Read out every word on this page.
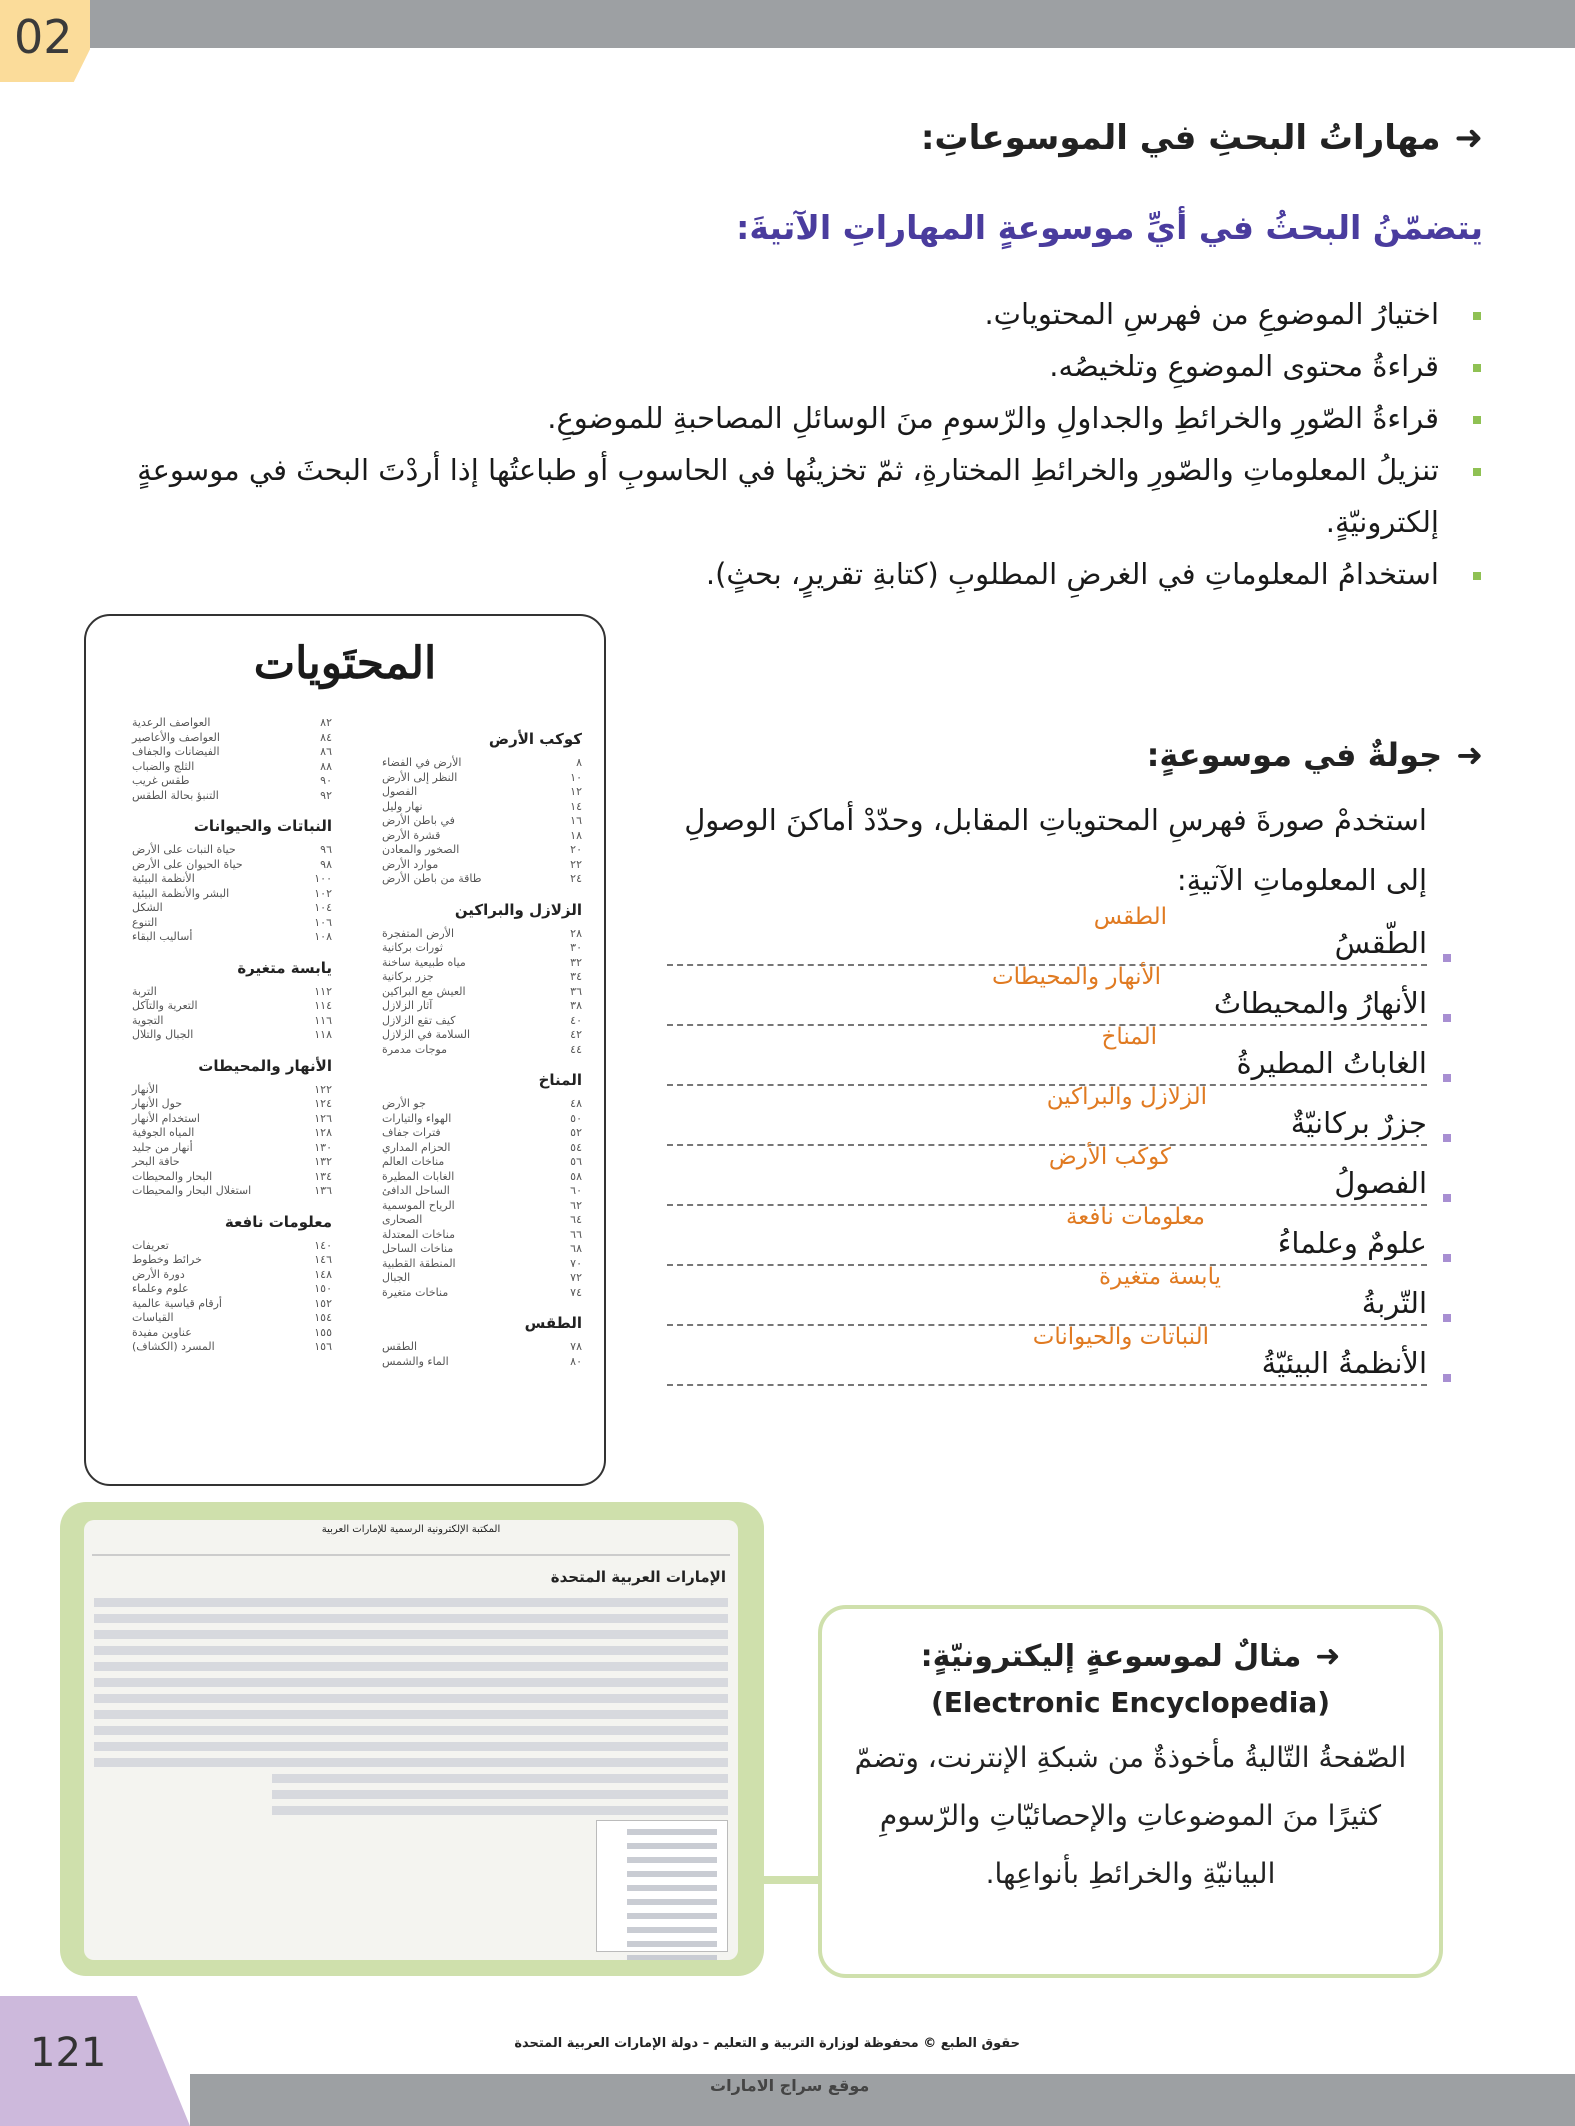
02
➜مهاراتُ البحثِ في الموسوعاتِ:
يتضمّنُ البحثُ في أيِّ موسوعةٍ المهاراتِ الآتيةَ:
اختيارُ الموضوعِ من فهرسِ المحتوياتِ.
قراءةُ محتوى الموضوعِ وتلخيصُه.
قراءةُ الصّورِ والخرائطِ والجداولِ والرّسومِ منَ الوسائلِ المصاحبةِ للموضوعِ.
تنزيلُ المعلوماتِ والصّورِ والخرائطِ المختارةِ، ثمّ تخزينُها في الحاسوبِ أو طباعتُها إذا أردْتَ البحثَ في موسوعةٍ إلكترونيّةٍ.
استخدامُ المعلوماتِ في الغرضِ المطلوبِ (كتابةِ تقريرٍ، بحثٍ).
المحتَويات
كوكب الأرض
٨
الأرض في الفضاء
١٠
النظر إلى الأرض
١٢
الفصول
١٤
نهار وليل
١٦
في باطن الأرض
١٨
قشرة الأرض
٢٠
الصخور والمعادن
٢٢
موارد الأرض
٢٤
طاقة من باطن الأرض
الزلازل والبراكين
٢٨
الأرض المتفجرة
٣٠
ثورات بركانية
٣٢
مياه طبيعية ساخنة
٣٤
جزر بركانية
٣٦
العيش مع البراكين
٣٨
آثار الزلازل
٤٠
كيف تقع الزلازل
٤٢
السلامة في الزلازل
٤٤
موجات مدمرة
المناخ
٤٨
جو الأرض
٥٠
الهواء والتيارات
٥٢
فترات جفاف
٥٤
الحزام المداري
٥٦
مناخات العالم
٥٨
الغابات المطيرة
٦٠
الساحل الدافئ
٦٢
الرياح الموسمية
٦٤
الصحارى
٦٦
مناخات المعتدلة
٦٨
مناخات الساحل
٧٠
المنطقة القطبية
٧٢
الجبال
٧٤
مناخات متغيرة
الطقس
٧٨
الطقس
٨٠
الماء والشمس
٨٢
العواصف الرعدية
٨٤
العواصف والأعاصير
٨٦
الفيضانات والجفاف
٨٨
الثلج والضباب
٩٠
طقس غريب
٩٢
التنبؤ بحالة الطقس
النباتات والحيوانات
٩٦
حياة النبات على الأرض
٩٨
حياة الحيوان على الأرض
١٠٠
الأنظمة البيئية
١٠٢
البشر والأنظمة البيئية
١٠٤
الشكل
١٠٦
التنوع
١٠٨
أساليب البقاء
يابسة متغيرة
١١٢
التربة
١١٤
التعرية والتآكل
١١٦
التجوية
١١٨
الجبال والتلال
الأنهار والمحيطات
١٢٢
الأنهار
١٢٤
حول الأنهار
١٢٦
استخدام الأنهار
١٢٨
المياه الجوفية
١٣٠
أنهار من جليد
١٣٢
حافة البحر
١٣٤
البحار والمحيطات
١٣٦
استغلال البحار والمحيطات
معلومات نافعة
١٤٠
تعريفات
١٤٦
خرائط وخطوط
١٤٨
دورة الأرض
١٥٠
علوم وعلماء
١٥٢
أرقام قياسية عالمية
١٥٤
القياسات
١٥٥
عناوين مفيدة
١٥٦
المسرد (الكشاف)
➜جولةٌ في موسوعةٍ:
استخدمْ صورةَ فهرسِ المحتوياتِ المقابل، وحدّدْ أماكنَ الوصولِ إلى المعلوماتِ الآتيةِ:
الطّقسُ
الطقس
الأنهارُ والمحيطاتُ
الأنهار والمحيطات
الغاباتُ المطيرةُ
المناخ
جزرٌ بركانيّةٌ
الزلازل والبراكين
الفصولُ
كوكب الأرض
علومٌ وعلماءُ
معلومات نافعة
التّربةُ
يابسة متغيرة
الأنظمةُ البيئيّةُ
النباتات والحيوانات
المكتبة الإلكترونية الرسمية للإمارات العربية
الإمارات العربية المتحدة
➜مثالٌ لموسوعةٍ إليكترونيّةٍ:
(Electronic Encyclopedia)
الصّفحةُ التّاليةُ مأخوذةٌ من شبكةِ الإنترنت، وتضمّ كثيرًا منَ الموضوعاتِ والإحصائيّاتِ والرّسومِ البيانيّةِ والخرائطِ بأنواعِها.
121	حقوق الطبع © محفوظة لوزارة التربية و التعليم – دولة الإمارات العربية المتحدة
موقع سراج الامارات
